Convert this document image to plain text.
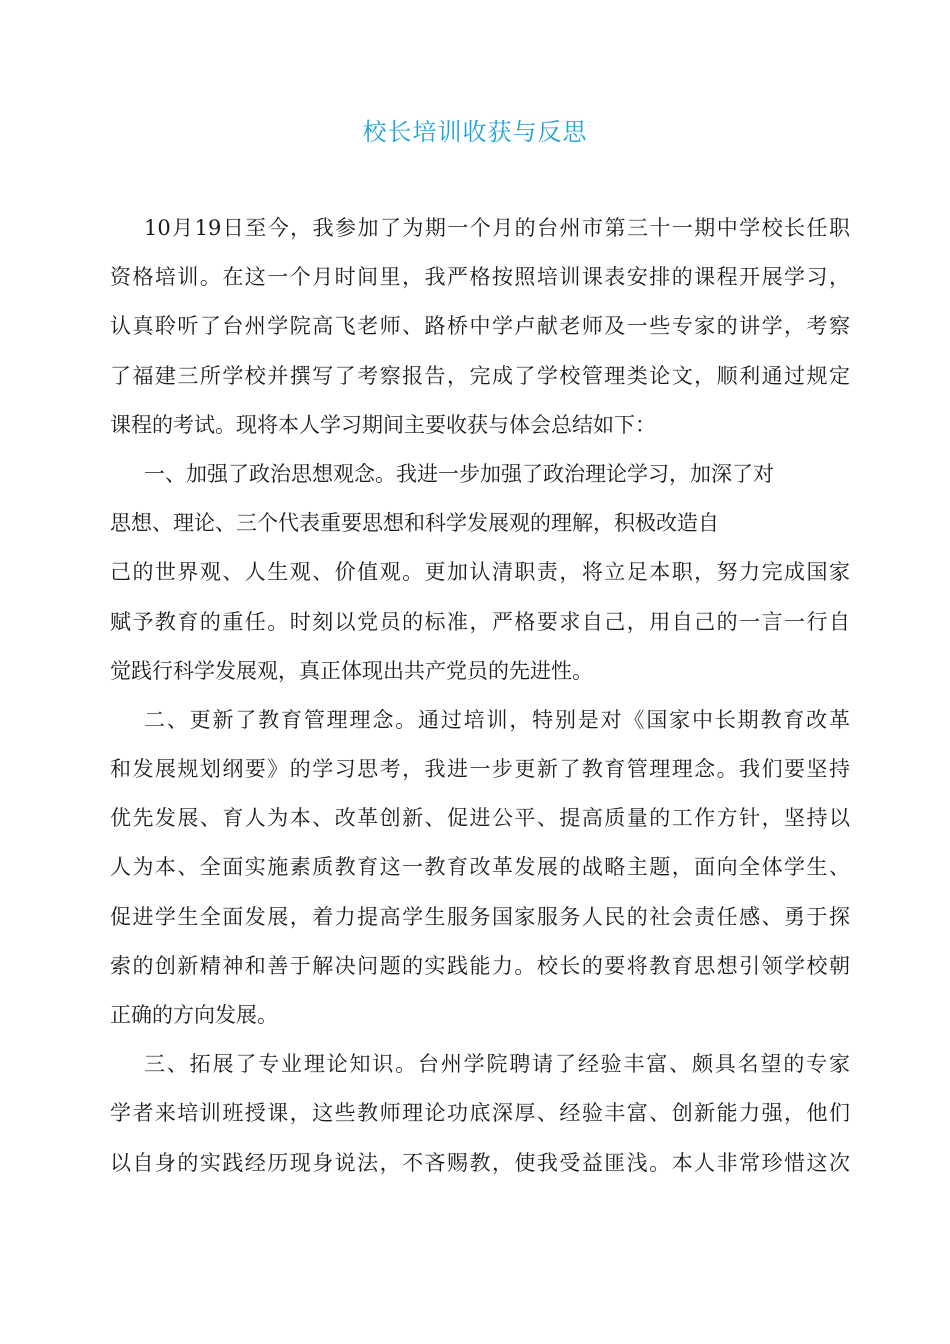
校长培训收获与反思
10月19日至今，我参加了为期一个月的台州市第三十一期中学校长任职
资格培训。在这一个月时间里，我严格按照培训课表安排的课程开展学习，
认真聆听了台州学院高飞老师、路桥中学卢献老师及一些专家的讲学，考察
了福建三所学校并撰写了考察报告，完成了学校管理类论文，顺利通过规定
课程的考试。现将本人学习期间主要收获与体会总结如下：
一、加强了政治思想观念。我进一步加强了政治理论学习，加深了对
思想、理论、三个代表重要思想和科学发展观的理解，积极改造自
己的世界观、人生观、价值观。更加认清职责，将立足本职，努力完成国家
赋予教育的重任。时刻以党员的标准，严格要求自己，用自己的一言一行自
觉践行科学发展观，真正体现出共产党员的先进性。
二、更新了教育管理理念。通过培训，特别是对《国家中长期教育改革
和发展规划纲要》的学习思考，我进一步更新了教育管理理念。我们要坚持
优先发展、育人为本、改革创新、促进公平、提高质量的工作方针，坚持以
人为本、全面实施素质教育这一教育改革发展的战略主题，面向全体学生、
促进学生全面发展，着力提高学生服务国家服务人民的社会责任感、勇于探
索的创新精神和善于解决问题的实践能力。校长的要将教育思想引领学校朝
正确的方向发展。
三、拓展了专业理论知识。台州学院聘请了经验丰富、颇具名望的专家
学者来培训班授课，这些教师理论功底深厚、经验丰富、创新能力强，他们
以自身的实践经历现身说法，不吝赐教，使我受益匪浅。本人非常珍惜这次
